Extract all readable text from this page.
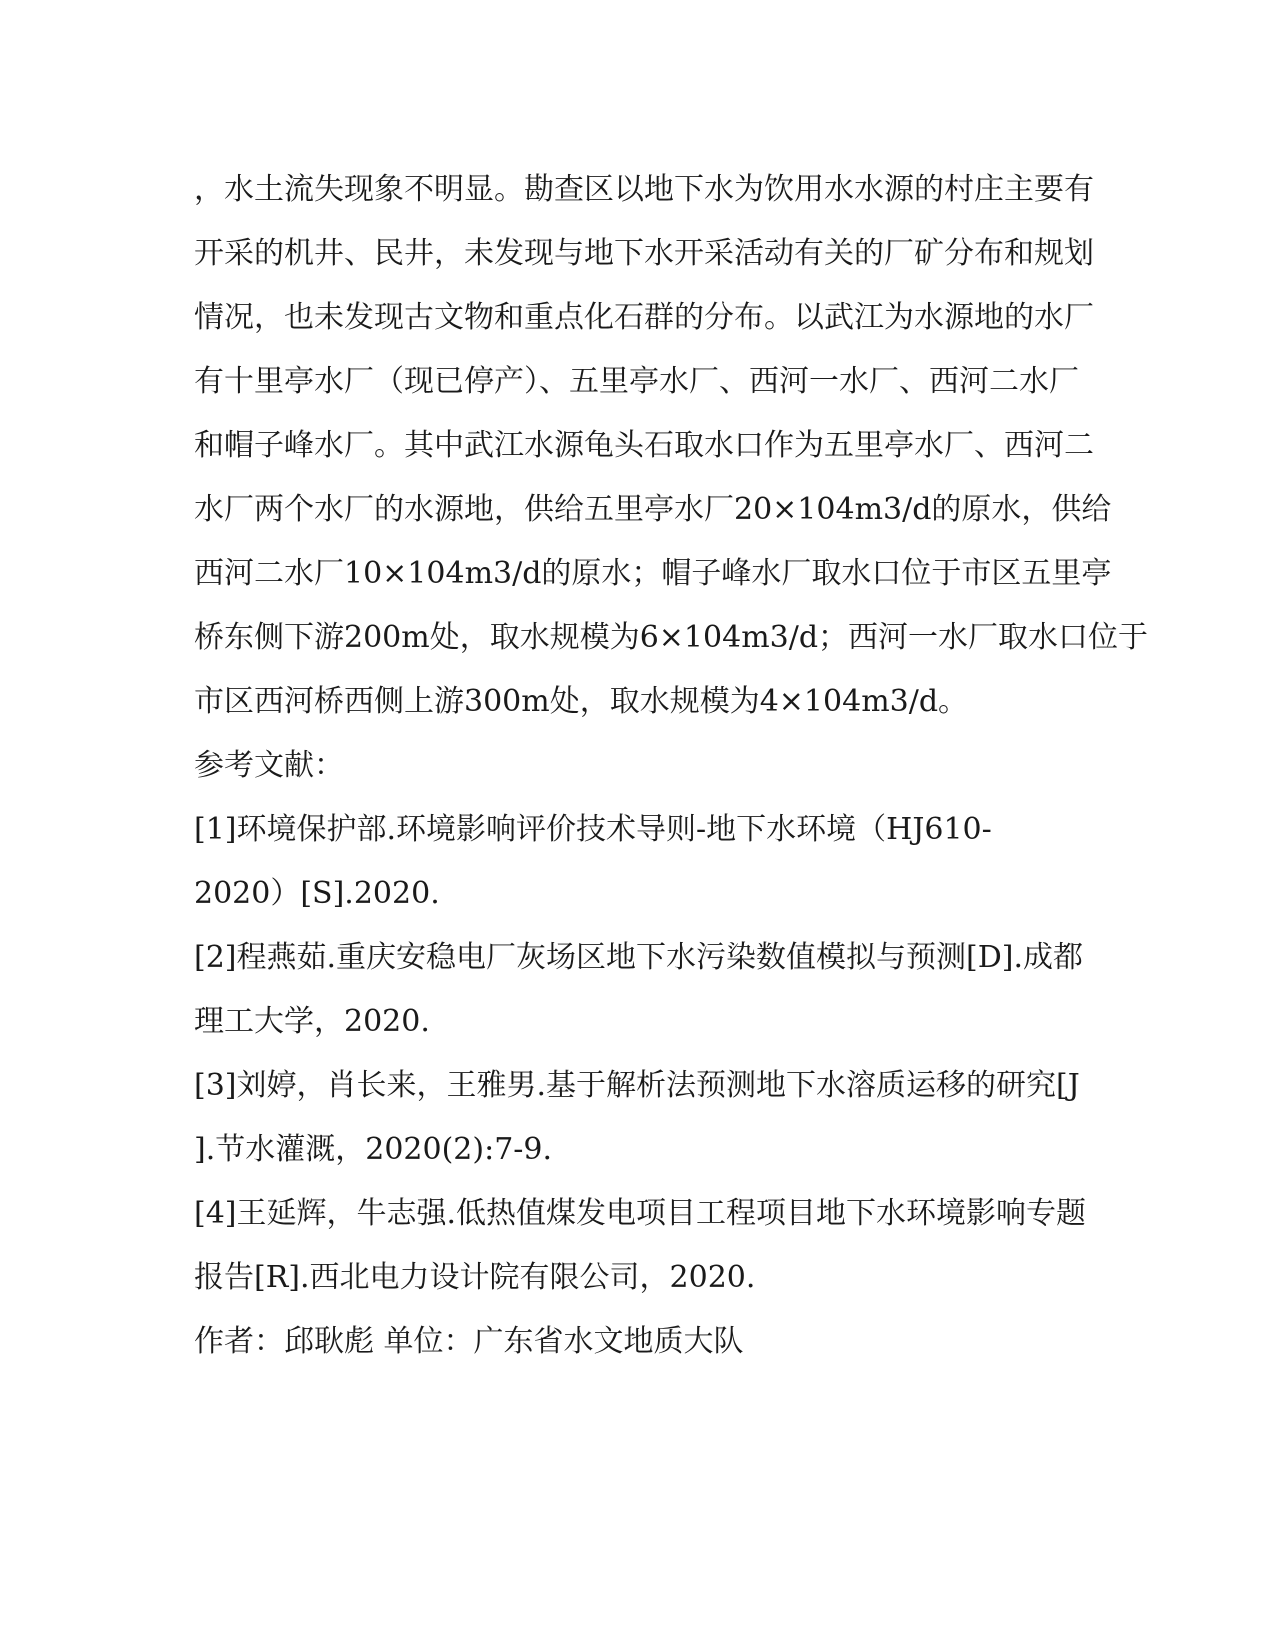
，水土流失现象不明显。勘查区以地下水为饮用水水源的村庄主要有
开采的机井、民井，未发现与地下水开采活动有关的厂矿分布和规划
情况，也未发现古文物和重点化石群的分布。以武江为水源地的水厂
有十里亭水厂（现已停产）、五里亭水厂、西河一水厂、西河二水厂
和帽子峰水厂。其中武江水源龟头石取水口作为五里亭水厂、西河二
水厂两个水厂的水源地，供给五里亭水厂20×104m3/d的原水，供给
西河二水厂10×104m3/d的原水；帽子峰水厂取水口位于市区五里亭
桥东侧下游200m处，取水规模为6×104m3/d；西河一水厂取水口位于
市区西河桥西侧上游300m处，取水规模为4×104m3/d。
参考文献：
[1]环境保护部.环境影响评价技术导则-地下水环境（HJ610-
2020）[S].2020.
[2]程燕茹.重庆安稳电厂灰场区地下水污染数值模拟与预测[D].成都
理工大学，2020.
[3]刘婷，肖长来，王雅男.基于解析法预测地下水溶质运移的研究[J
].节水灌溉，2020(2):7-9.
[4]王延辉，牛志强.低热值煤发电项目工程项目地下水环境影响专题
报告[R].西北电力设计院有限公司，2020.
作者：邱耿彪 单位：广东省水文地质大队
